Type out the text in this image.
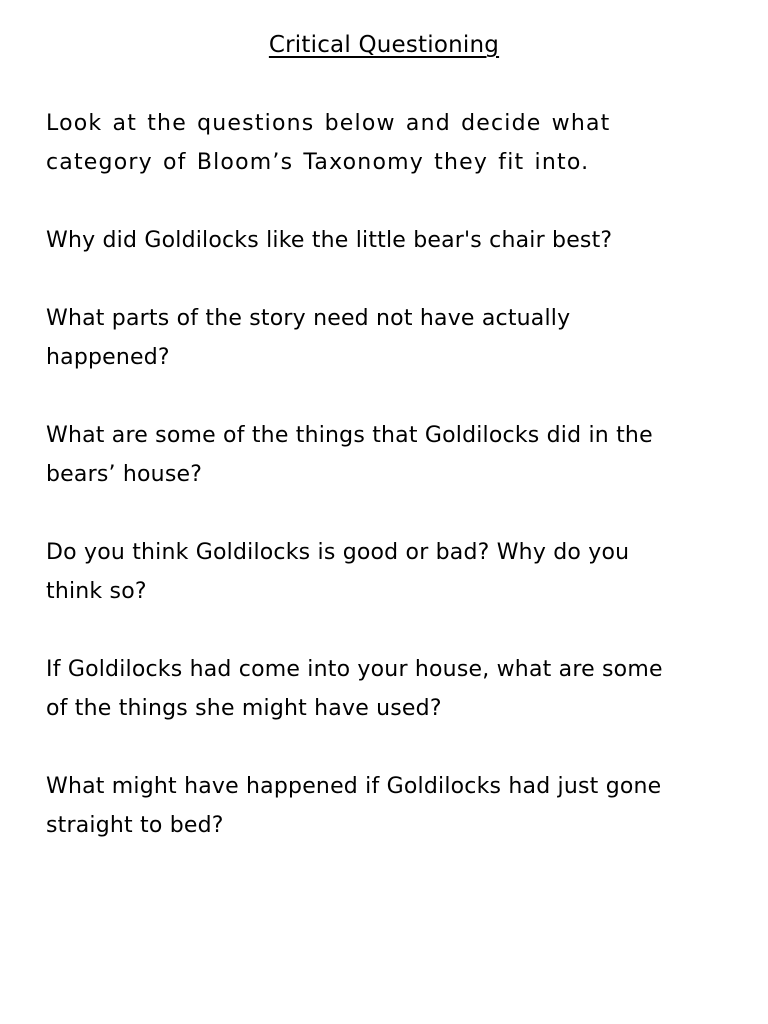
Critical Questioning

Look at the questions below and decide what
category of Bloom’s Taxonomy they fit into.

Why did Goldilocks like the little bear's chair best?

What parts of the story need not have actually
happened?

What are some of the things that Goldilocks did in the
bears’ house?

Do you think Goldilocks is good or bad? Why do you
think so?

If Goldilocks had come into your house, what are some
of the things she might have used?

What might have happened if Goldilocks had just gone
straight to bed?
